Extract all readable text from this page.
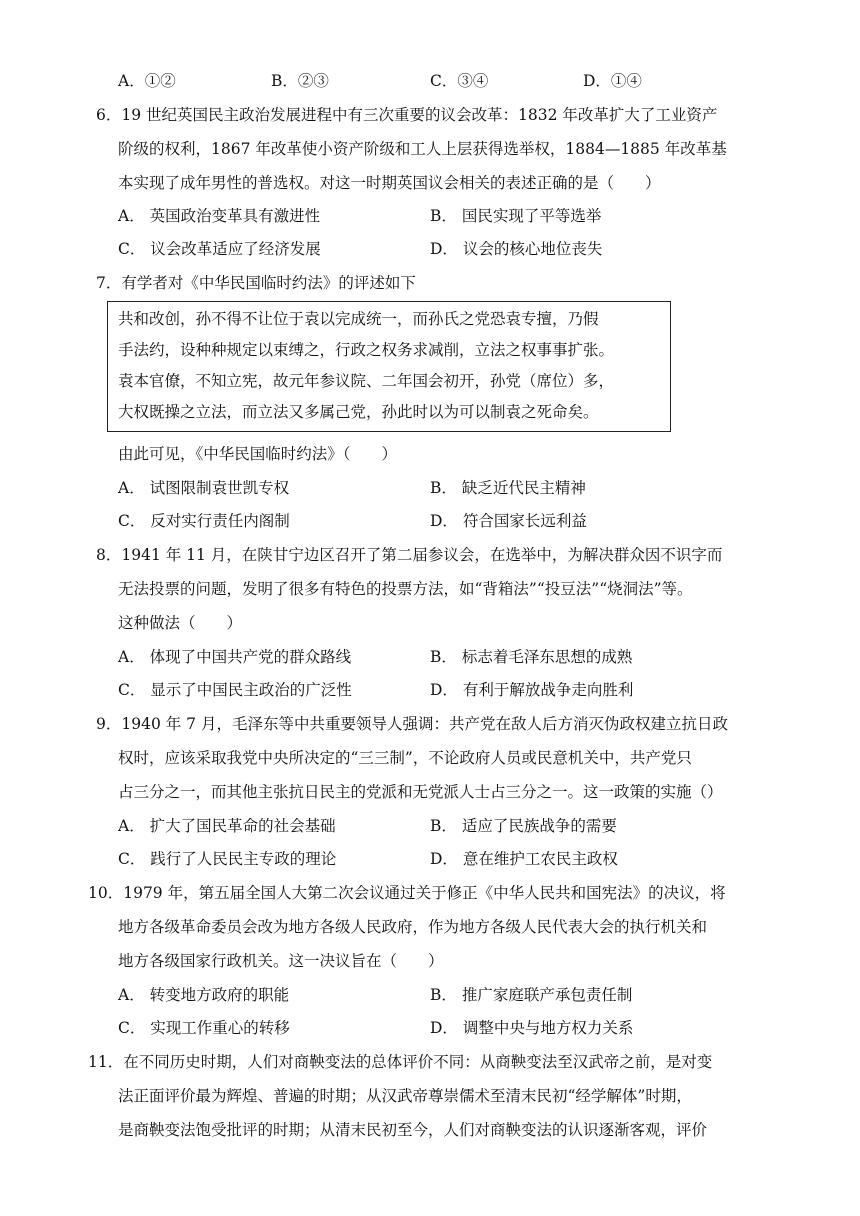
A．①②	B．②③	C．③④	D．①④
6．19 世纪英国民主政治发展进程中有三次重要的议会改革：1832 年改革扩大了工业资产
阶级的权利，1867 年改革使小资产阶级和工人上层获得选举权，1884—1885 年改革基
本实现了成年男性的普选权。对这一时期英国议会相关的表述正确的是（　　）
A． 英国政治变革具有激进性	B． 国民实现了平等选举
C． 议会改革适应了经济发展	D． 议会的核心地位丧失
7．有学者对《中华民国临时约法》的评述如下
共和改创，孙不得不让位于袁以完成统一，而孙氏之党恐袁专擅，乃假
手法约，设种种规定以束缚之，行政之权务求减削，立法之权事事扩张。
袁本官僚，不知立宪，故元年参议院、二年国会初开，孙党（席位）多，
大权既操之立法，而立法又多属己党，孙此时以为可以制袁之死命矣。
由此可见，《中华民国临时约法》（　　）
A． 试图限制袁世凯专权	B． 缺乏近代民主精神
C． 反对实行责任内阁制	D． 符合国家长远利益
8．1941 年 11 月，在陕甘宁边区召开了第二届参议会，在选举中，为解决群众因不识字而
无法投票的问题，发明了很多有特色的投票方法，如“背箱法”“投豆法”“烧洞法”等。
这种做法（　　）
A． 体现了中国共产党的群众路线	B． 标志着毛泽东思想的成熟
C． 显示了中国民主政治的广泛性	D． 有利于解放战争走向胜利
9．1940 年 7 月，毛泽东等中共重要领导人强调：共产党在敌人后方消灭伪政权建立抗日政
权时，应该采取我党中央所决定的“三三制”，不论政府人员或民意机关中，共产党只
占三分之一，而其他主张抗日民主的党派和无党派人士占三分之一。这一政策的实施（）
A． 扩大了国民革命的社会基础	B． 适应了民族战争的需要
C． 践行了人民民主专政的理论	D． 意在维护工农民主政权
10．1979 年，第五届全国人大第二次会议通过关于修正《中华人民共和国宪法》的决议，将
地方各级革命委员会改为地方各级人民政府，作为地方各级人民代表大会的执行机关和
地方各级国家行政机关。这一决议旨在（　　）
A． 转变地方政府的职能	B． 推广家庭联产承包责任制
C． 实现工作重心的转移	D． 调整中央与地方权力关系
11．在不同历史时期，人们对商鞅变法的总体评价不同：从商鞅变法至汉武帝之前，是对变
法正面评价最为辉煌、普遍的时期；从汉武帝尊崇儒术至清末民初“经学解体”时期，
是商鞅变法饱受批评的时期；从清末民初至今，人们对商鞅变法的认识逐渐客观，评价
